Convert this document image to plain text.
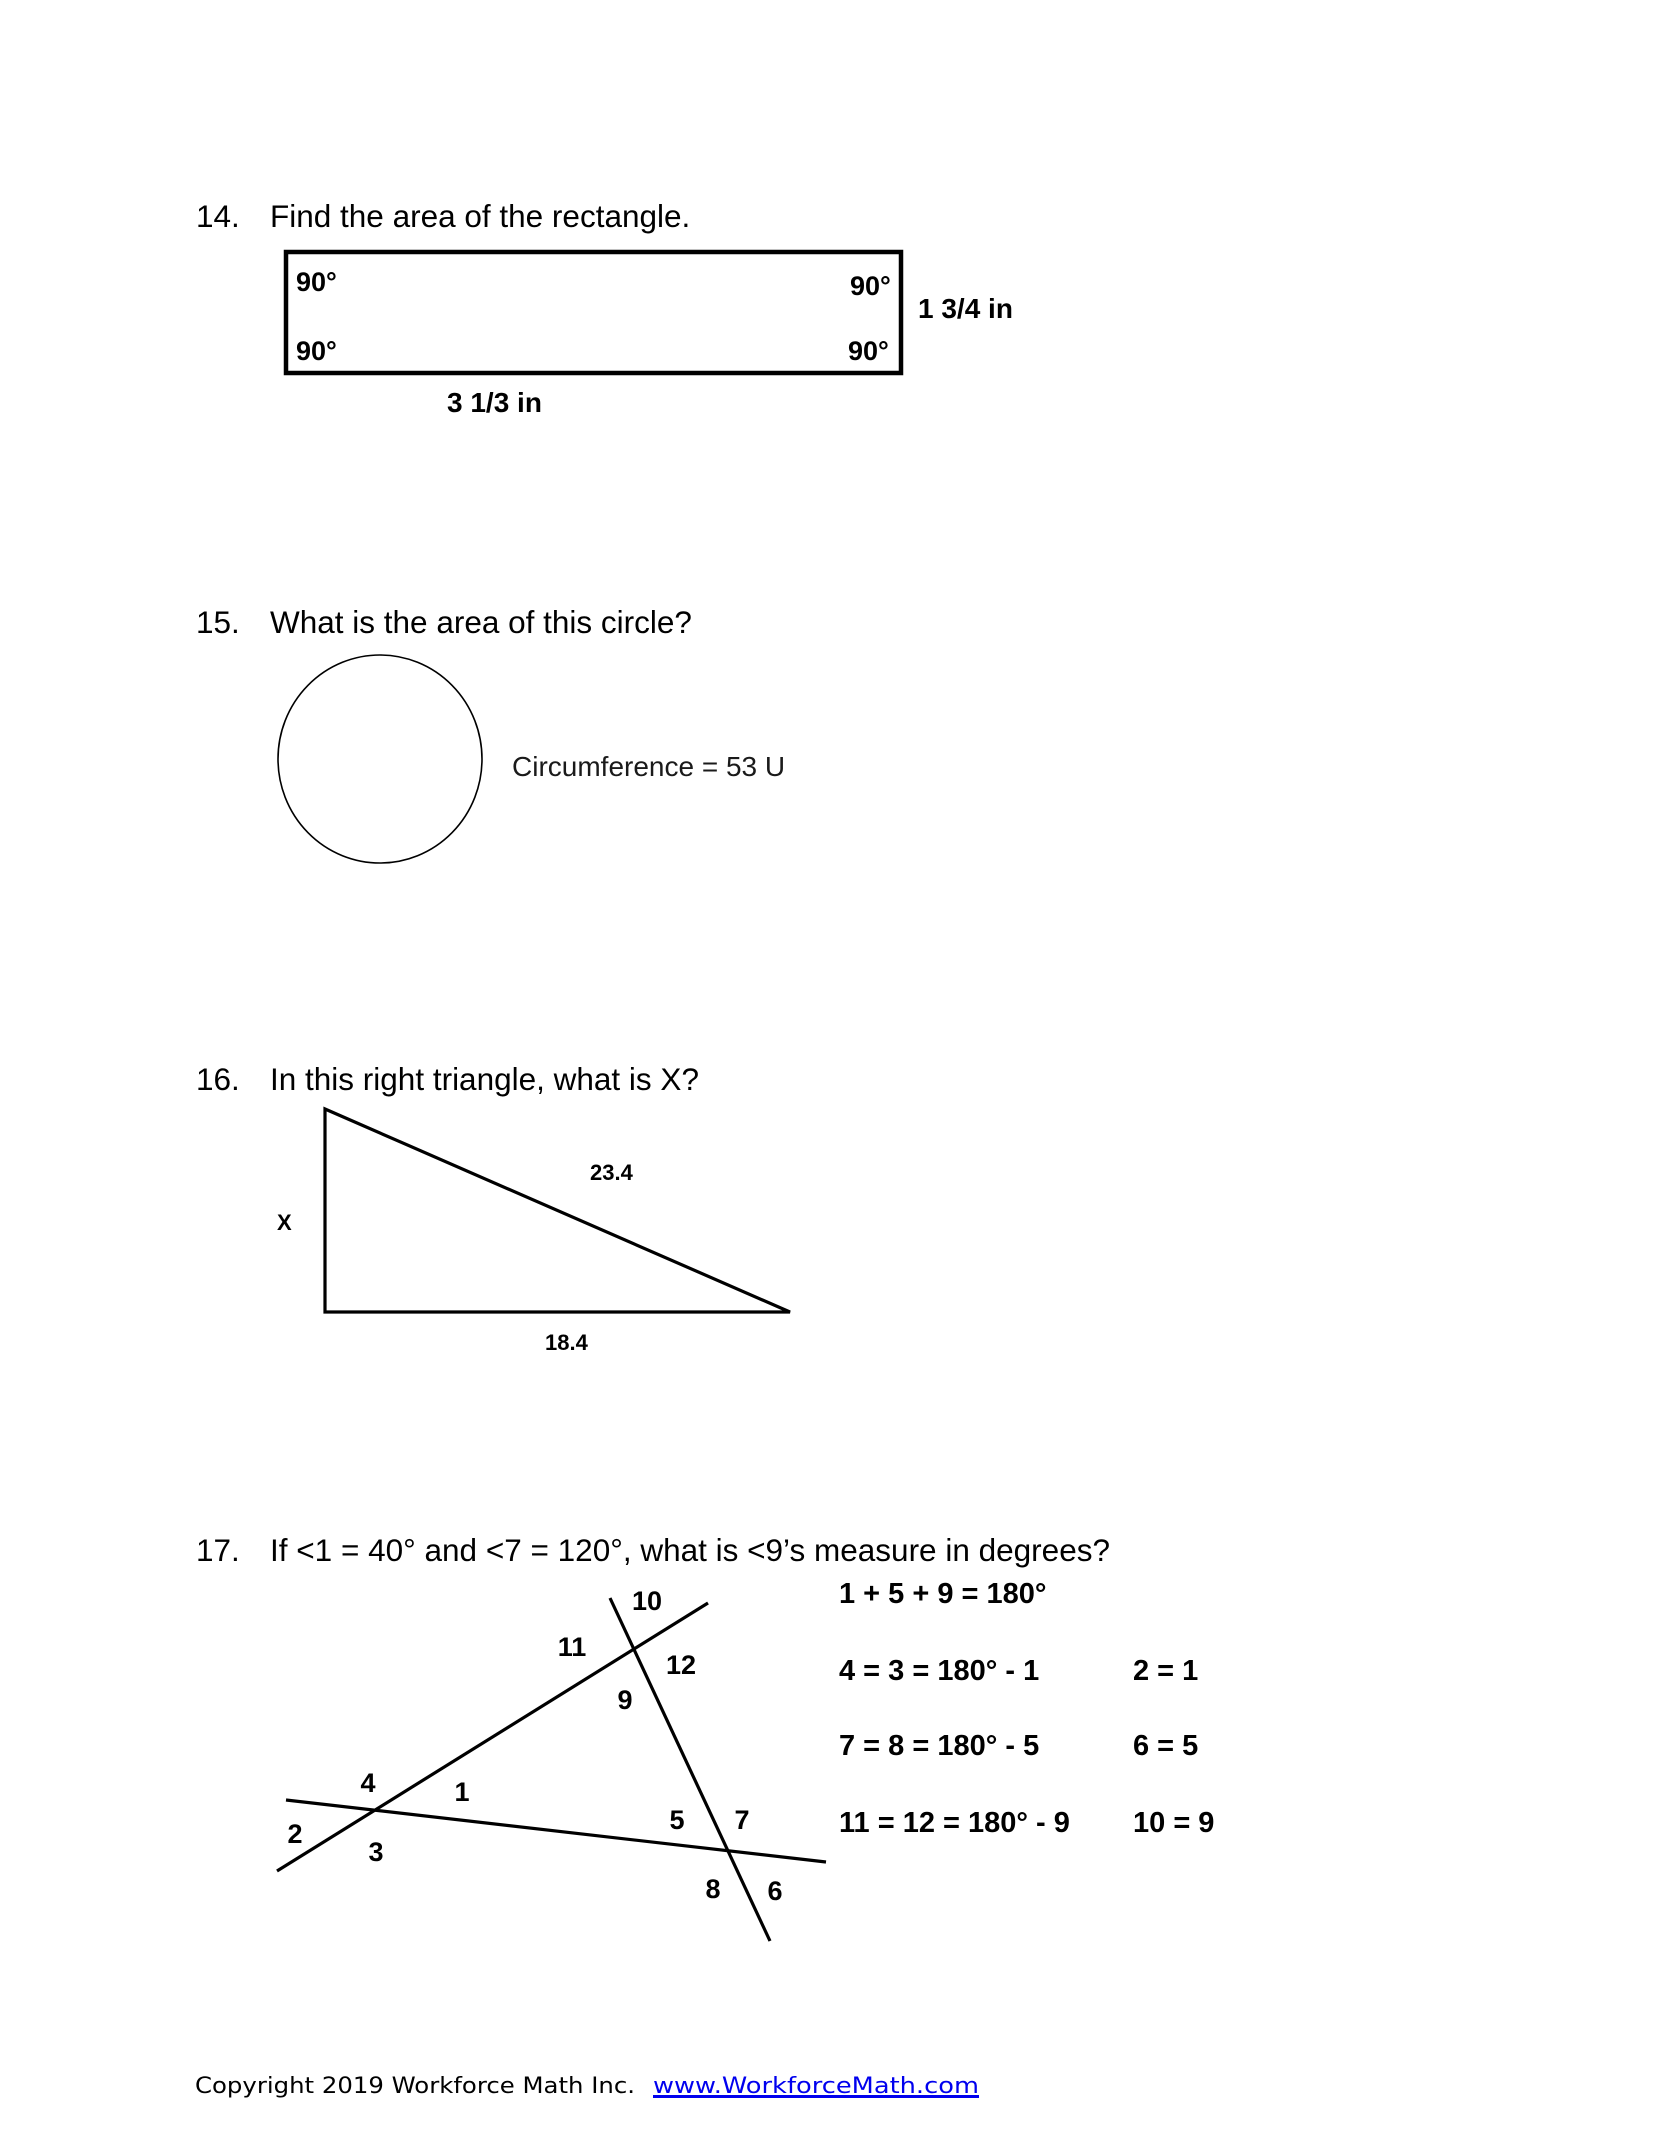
14. Find the area of the rectangle.
90°	90°
90°	90°
1 3/4 in
3 1/3 in
15. What is the area of this circle?
Circumference = 53 U
16. In this right triangle, what is X?
23.4
X
18.4
17. If <1 = 40° and <7 = 120°, what is <9’s measure in degrees?
1
2
3
4
5
6
7
8
9
10
11
12
1 + 5 + 9 = 180°
4 = 3 = 180° - 1
7 = 8 = 180° - 5
11 = 12 = 180° - 9
2 = 1
6 = 5
10 = 9
Copyright 2019 Workforce Math Inc. www.WorkforceMath.com
